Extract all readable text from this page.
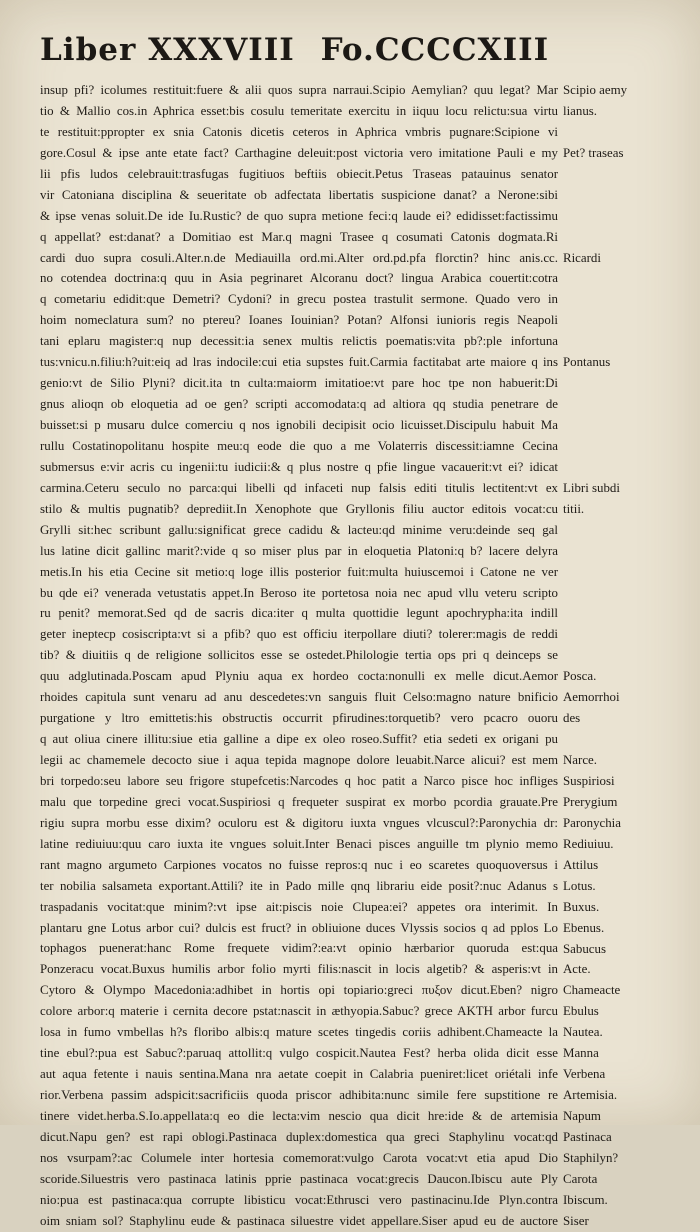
Liber XXXVIII Fo.CCCCXIII
insup pfi? icolumes restituit:fuere & alii quos supra narraui.Scipio Aemylian? quu legat? Mar
tio & Mallio cos.in Aphrica esset:bis cosulu temeritate exercitu in iiquu locu relictu:sua virtu
te restituit:ppropter ex snia Catonis dicetis ceteros in Aphrica vmbris pugnare:Scipione vi
gore.Cosul & ipse ante etate fact? Carthagine deleuit:post victoria vero imitatione Pauli e my
lii pfis ludos celebrauit:trasfugas fugitiuos beftiis obiecit.Petus Traseas patauinus senator
vir Catoniana disciplina & seueritate ob adfectata libertatis suspicione danat? a Nerone:sibi
& ipse venas soluit.De ide Iu.Rustic? de quo supra metione feci:q laude ei? edidisset:factissimu
q appellat? est:danat? a Domitiao est Mar.q magni Trasee q cosumati Catonis dogmata.Ri
cardi duo supra cosuli.Alter.n.de Mediauilla ord.mi.Alter ord.pd.pfa florctin? hinc anis.cc.
no cotendea doctrina:q quu in Asia pegrinaret Alcoranu doct? lingua Arabica couertit:cotra
q cometariu edidit:que Demetri? Cydoni? in grecu postea trastulit sermone. Quado vero in
hoim nomeclatura sum? no ptereu? Ioanes Iouinian? Potan? Alfonsi iunioris regis Neapoli
tani eplaru magister:q nup decessit:ia senex multis relictis poematis:vita pb?:ple infortuna
tus:vnicu.n.filiu:h?uit:eiq ad lras indocile:cui etia supstes fuit.Carmia factitabat arte maiore q ins
genio:vt de Silio Plyni? dicit.ita tn culta:maiorm imitatioe:vt pare hoc tpe non habuerit:Di
gnus alioqn ob eloquetia ad oe gen? scripti accomodata:q ad altiora qq studia penetrare de
buisset:si p musaru dulce comerciu q nos ignobili decipisit ocio licuisset.Discipulu habuit Ma
rullu Costatinopolitanu hospite meu:q eode die quo a me Volaterris discessit:iamne Cecina
submersus e:vir acris cu ingenii:tu iudicii:& q plus nostre q pfie lingue vacauerit:vt ei? idicat
carmina.Ceteru seculo no parca:qui libelli qd infaceti nup falsis editi titulis lectitent:vt ex
stilo & multis pugnatib? deprediit.In Xenophote que Gryllonis filiu auctor editois vocat:cu
Grylli sit:hec scribunt gallu:significat grece cadidu & lacteu:qd minime veru:deinde seq gal
lus latine dicit gallinc marit?:vide q so miser plus par in eloquetia Platoni:q b? lacere delyra
metis.In his etia Cecine sit metio:q loge illis posterior fuit:multa huiuscemoi i Catone ne ver
bu qde ei? venerada vetustatis appet.In Beroso ite portetosa noia nec apud vllu veteru scripto
ru penit? memorat.Sed qd de sacris dica:iter q multa quottidie legunt apochrypha:ita indill
geter ineptecp cosiscripta:vt si a pfib? quo est officiu iterpollare diuti? tolerer:magis de reddi
tib? & diuitiis q de religione sollicitos esse se ostedet.Philologie tertia ops pri q deinceps se
quu adglutinada.Poscam apud Plyniu aqua ex hordeo cocta:nonulli ex melle dicut.Aemor
rhoides capitula sunt venaru ad anu descedetes:vn sanguis fluit Celso:magno nature bnificio
purgatione y ltro emittetis:his obstructis occurrit pfirudines:torquetib? vero pcacro ouoru
q aut oliua cinere illitu:siue etia galline a dipe ex oleo roseo.Suffit? etia sedeti ex origani pu
legii ac chamemele decocto siue i aqua tepida magnope dolore leuabit.Narce alicui? est mem
bri torpedo:seu labore seu frigore stupefcetis:Narcodes q hoc patit a Narco pisce hoc infliges
malu que torpedine greci vocat.Suspiriosi q frequeter suspirat ex morbo pcordia grauate.Pre
rigiu supra morbu esse dixim? oculoru est & digitoru iuxta vngues vlcuscul?:Paronychia dr:
latine rediuiuu:quu caro iuxta ite vngues soluit.Inter Benaci pisces anguille tm plynio memo
rant magno argumeto Carpiones vocatos no fuisse repros:q nuc i eo scaretes quoquoversus i
ter nobilia salsameta exportant.Attili? ite in Pado mille qnq librariu eide posit?:nuc Adanus s
traspadanis vocitat:que minim?:vt ipse ait:piscis noie Clupea:ei? appetes ora interimit. In
plantaru gne Lotus arbor cui? dulcis est fruct? in obliuione duces Vlyssis socios q ad pplos Lo
tophagos puenerat:hanc Rome frequete vidim?:ea:vt opinio hærbarior quoruda est:qua
Ponzeracu vocat.Buxus humilis arbor folio myrti filis:nascit in locis algetib? & asperis:vt in
Cytoro & Olympo Macedonia:adhibet in hortis opi topiario:greci πυξον dicut.Eben? nigro
colore arbor:q materie i cernita decore pstat:nascit in æthyopia.Sabuc? grece AKTH arbor furcu
losa in fumo vmbellas h?s floribo albis:q mature scetes tingedis coriis adhibent.Chameacte la
tine ebul?:pua est Sabuc?:paruaq attollit:q vulgo cospicit.Nautea Fest? herba olida dicit esse
aut aqua fetente i nauis sentina.Mana nra aetate coepit in Calabria pueniret:licet oriétali infe
rior.Verbena passim adspicit:sacrificiis quoda priscor adhibita:nunc simile fere supstitione re
tinere videt.herba.S.Io.appellata:q eo die lecta:vim nescio qua dicit hre:ide & de artemisia
dicut.Napu gen? est rapi oblogi.Pastinaca duplex:domestica qua greci Staphylinu vocat:qd
nos vsurpam?:ac Columele inter hortesia comemorat:vulgo Carota vocat:vt etia apud Dio
scoride.Siluestris vero pastinaca latinis pprie pastinaca vocat:grecis Daucon.Ibiscu aute Ply
nio:pua est pastinaca:qua corrupte libisticu vocat:Ethrusci vero pastinacinu.Ide Plyn.contra
oim sniam sol? Staphylinu eude & pastinaca siluestre videt appellare.Siser apud eu de auctore
Scipio aemy
lianus.
Pet? traseas
Ricardi
Pontanus
Libri subdi
titii.
Posca.
Aemorrhoi
des
Narce.
Suspiriosi
Prerygium
Paronychia
Rediuiuu.
Attilus
Lotus.
Buxus.
Ebenus.
Sabucus
Acte.
Chameacte
Ebulus
Nautea.
Manna
Verbena
Artemisia.
Napum
Pastinaca
Staphilyn?
Carota
Ibiscum.
Siser
